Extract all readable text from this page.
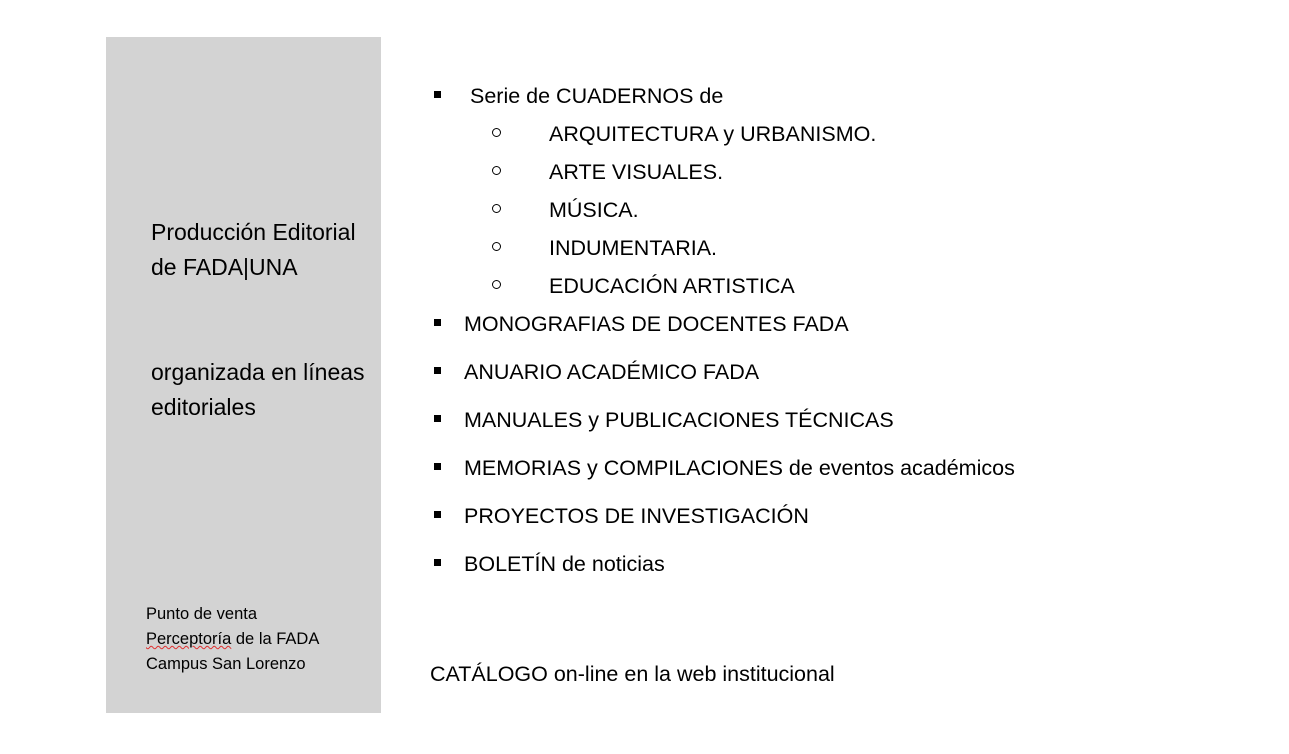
Producción Editorial de FADA|UNA
organizada en líneas editoriales
Punto de venta
Perceptoría de la FADA
Campus San Lorenzo
Serie de CUADERNOS de
ARQUITECTURA y URBANISMO.
ARTE VISUALES.
MÚSICA.
INDUMENTARIA.
EDUCACIÓN ARTISTICA
MONOGRAFIAS DE DOCENTES FADA
ANUARIO ACADÉMICO FADA
MANUALES y PUBLICACIONES TÉCNICAS
MEMORIAS y COMPILACIONES de eventos académicos
PROYECTOS DE INVESTIGACIÓN
BOLETÍN de noticias
CATÁLOGO on-line en la web institucional
